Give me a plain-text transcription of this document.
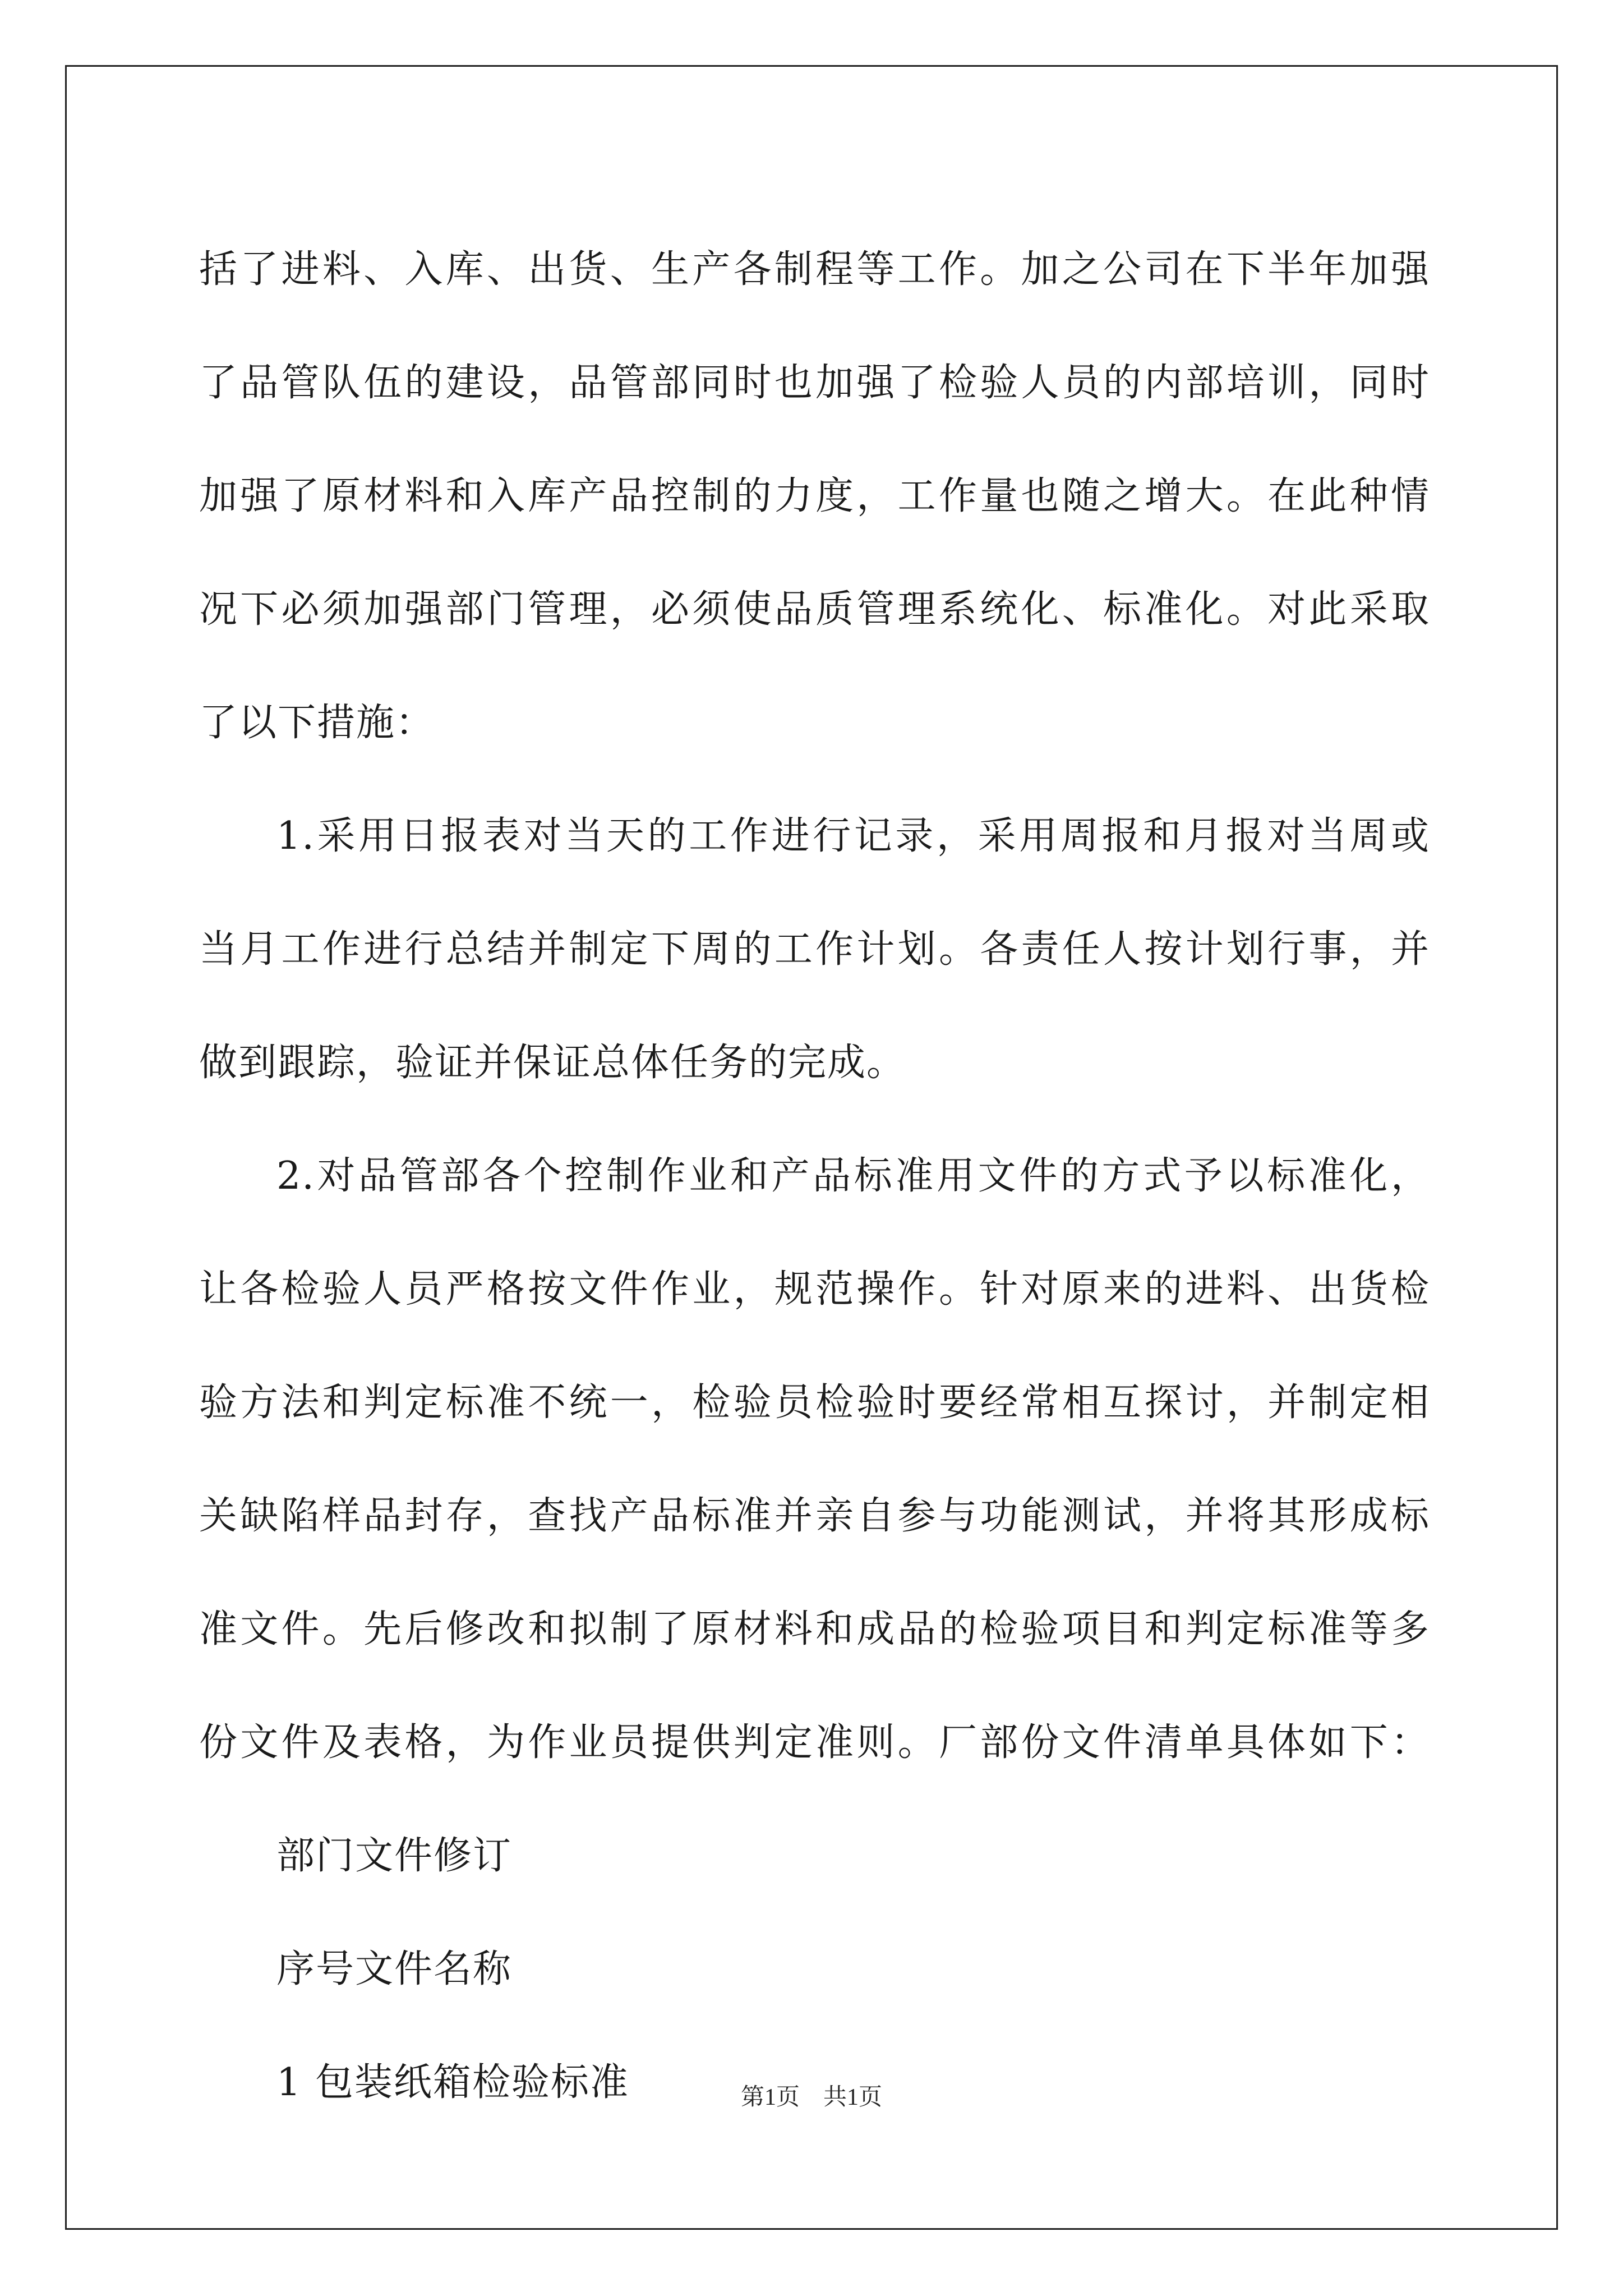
括了进料、入库、出货、生产各制程等工作。加之公司在下半年加强
了品管队伍的建设，品管部同时也加强了检验人员的内部培训，同时
加强了原材料和入库产品控制的力度，工作量也随之增大。在此种情
况下必须加强部门管理，必须使品质管理系统化、标准化。对此采取
了以下措施：
1.采用日报表对当天的工作进行记录，采用周报和月报对当周或
当月工作进行总结并制定下周的工作计划。各责任人按计划行事，并
做到跟踪，验证并保证总体任务的完成。
2.对品管部各个控制作业和产品标准用文件的方式予以标准化，
让各检验人员严格按文件作业，规范操作。针对原来的进料、出货检
验方法和判定标准不统一，检验员检验时要经常相互探讨，并制定相
关缺陷样品封存，查找产品标准并亲自参与功能测试，并将其形成标
准文件。先后修改和拟制了原材料和成品的检验项目和判定标准等多
份文件及表格，为作业员提供判定准则。厂部份文件清单具体如下：
部门文件修订
序号文件名称
1 包装纸箱检验标准	第1页    共1页
